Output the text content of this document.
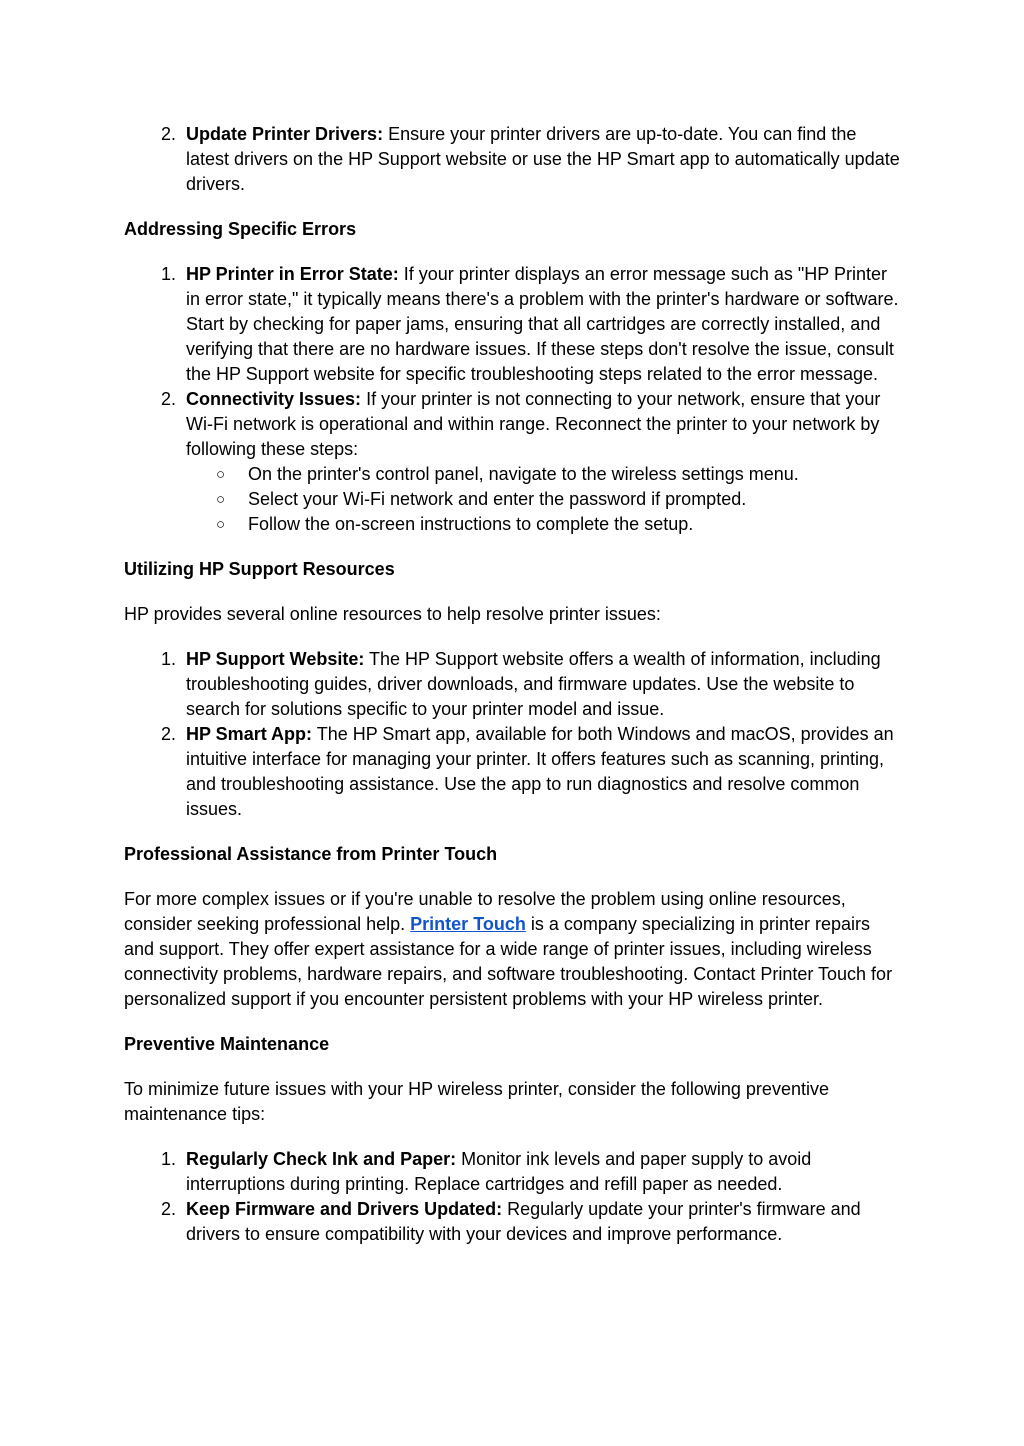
2 . Update Printer Drivers: Ensure your printer drivers are up-to-date. You can find the latest drivers on the HP Support website or use the HP Smart app to automatically update drivers.
Addressing Specific Errors
1 . HP Printer in Error State: If your printer displays an error message such as "HP Printer in error state," it typically means there's a problem with the printer's hardware or software. Start by checking for paper jams, ensuring that all cartridges are correctly installed, and verifying that there are no hardware issues. If these steps don't resolve the issue, consult the HP Support website for specific troubleshooting steps related to the error message.
2 . Connectivity Issues: If your printer is not connecting to your network, ensure that your Wi-Fi network is operational and within range. Reconnect the printer to your network by following these steps:
○ On the printer's control panel, navigate to the wireless settings menu.
○ Select your Wi-Fi network and enter the password if prompted.
○ Follow the on-screen instructions to complete the setup.
Utilizing HP Support Resources
HP provides several online resources to help resolve printer issues:
1 . HP Support Website: The HP Support website offers a wealth of information, including troubleshooting guides, driver downloads, and firmware updates. Use the website to search for solutions specific to your printer model and issue.
2 . HP Smart App: The HP Smart app, available for both Windows and macOS, provides an intuitive interface for managing your printer. It offers features such as scanning, printing, and troubleshooting assistance. Use the app to run diagnostics and resolve common issues.
Professional Assistance from Printer Touch
For more complex issues or if you're unable to resolve the problem using online resources, consider seeking professional help. Printer Touch is a company specializing in printer repairs and support. They offer expert assistance for a wide range of printer issues, including wireless connectivity problems, hardware repairs, and software troubleshooting. Contact Printer Touch for personalized support if you encounter persistent problems with your HP wireless printer.
Preventive Maintenance
To minimize future issues with your HP wireless printer, consider the following preventive maintenance tips:
1 . Regularly Check Ink and Paper: Monitor ink levels and paper supply to avoid interruptions during printing. Replace cartridges and refill paper as needed.
2 . Keep Firmware and Drivers Updated: Regularly update your printer's firmware and drivers to ensure compatibility with your devices and improve performance.
